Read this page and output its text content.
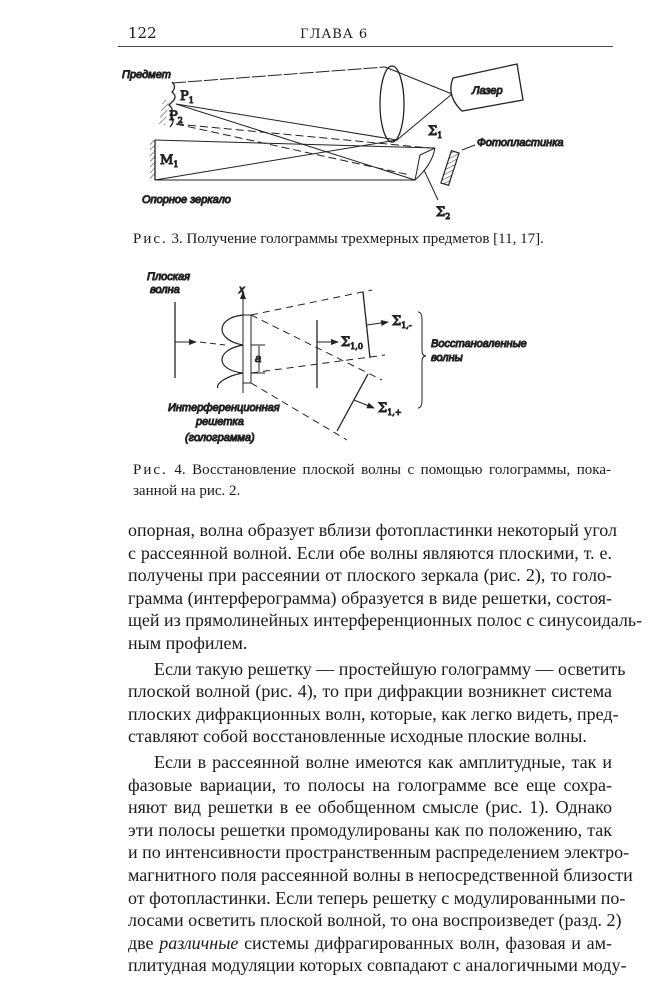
122	ГЛАВА 6
Предмет
$P_1$
$P_2$
Лазер
$M_1$
$\Sigma_1$
$\Sigma_2$
Фотопластинка
Опорное зеркало
Плоская
волна	x
a
$\Sigma_{1,0}$
$\Sigma_{1,-}$
$\Sigma_{1,+}$
Восстановленные
волны
Интерференционная
решетка
(голограмма)
Рис. 3. Получение голограммы трехмерных предметов [11, 17].
Рис. 4. Восстановление плоской волны с помощью голограммы, пока-
занной на рис. 2.
опорная, волна образует вблизи фотопластинки некоторый угол
с рассеянной волной. Если обе волны являются плоскими, т. е.
получены при рассеянии от плоского зеркала (рис. 2), то голо-
грамма (интерферограмма) образуется в виде решетки, состоя-
щей из прямолинейных интерференционных полос с синусоидаль-
ным профилем.
Если такую решетку — простейшую голограмму — осветить
плоской волной (рис. 4), то при дифракции возникнет система
плоских дифракционных волн, которые, как легко видеть, пред-
ставляют собой восстановленные исходные плоские волны.
Если в рассеянной волне имеются как амплитудные, так и
фазовые вариации, то полосы на голограмме все еще сохра-
няют вид решетки в ее обобщенном смысле (рис. 1). Однако
эти полосы решетки промодулированы как по положению, так
и по интенсивности пространственным распределением электро-
магнитного поля рассеянной волны в непосредственной близости
от фотопластинки. Если теперь решетку с модулированными по-
лосами осветить плоской волной, то она воспроизведет (разд. 2)
две различные системы дифрагированных волн, фазовая и ам-
плитудная модуляции которых совпадают с аналогичными моду-
